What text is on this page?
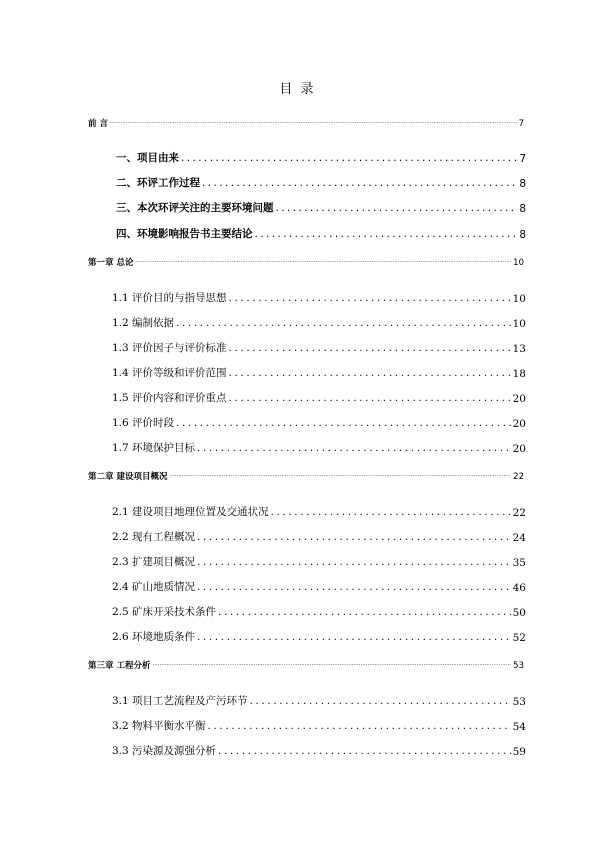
目 录
前 言 .....	7
一、项目由来 .....	7
二、环评工作过程 .....	8
三、本次环评关注的主要环境问题 .....	8
四、环境影响报告书主要结论 .....	8
第一章 总论 .....	10
1.1 评价目的与指导思想 .....	10
1.2 编制依据 .....	10
1.3 评价因子与评价标准 .....	13
1.4 评价等级和评价范围 .....	18
1.5 评价内容和评价重点 .....	20
1.6 评价时段 .....	20
1.7 环境保护目标 .....	20
第二章 建设项目概况 .....	22
2.1 建设项目地理位置及交通状况 .....	22
2.2 现有工程概况 .....	24
2.3 扩建项目概况 .....	35
2.4 矿山地质情况 .....	46
2.5 矿床开采技术条件 .....	50
2.6 环境地质条件 .....	52
第三章 工程分析 .....	53
3.1 项目工艺流程及产污环节 .....	53
3.2 物料平衡水平衡 .....	54
3.3 污染源及源强分析 .....	59
